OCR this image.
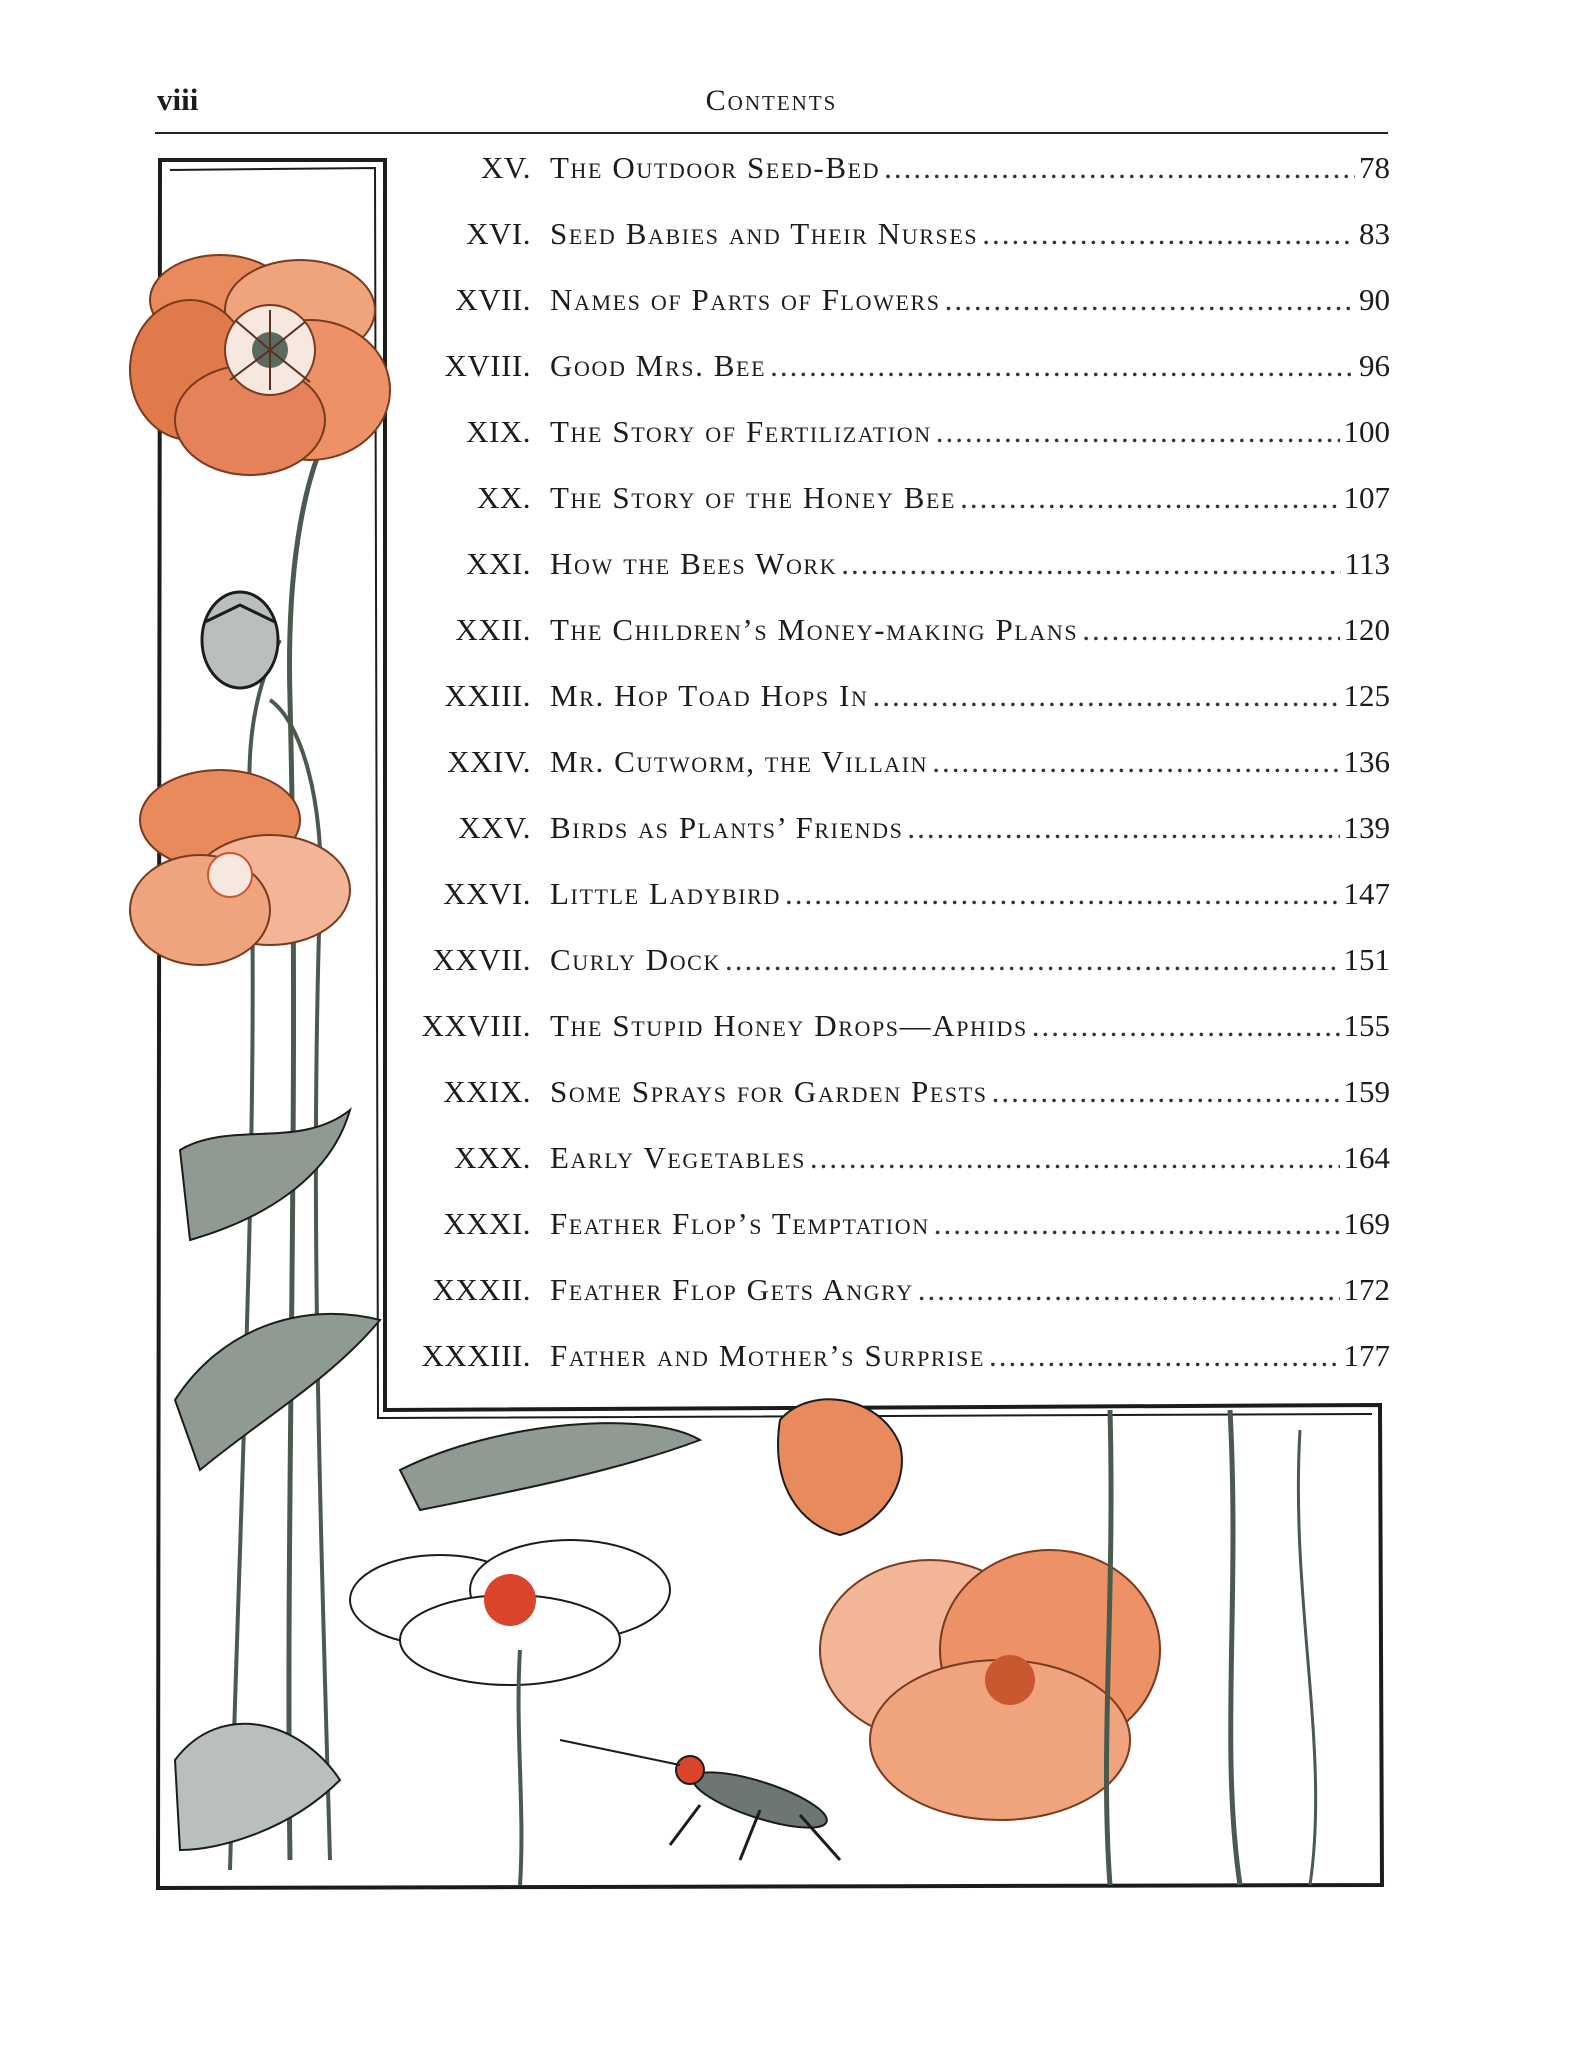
viii	Contents
XV. The Outdoor Seed-Bed .....	78
XVI. Seed Babies and Their Nurses .....	83
XVII. Names of Parts of Flowers .....	90
XVIII. Good Mrs. Bee .....	96
XIX. The Story of Fertilization .....	100
XX. The Story of the Honey Bee .....	107
XXI. How the Bees Work .....	113
XXII. The Children’s Money-making Plans .....	120
XXIII. Mr. Hop Toad Hops In .....	125
XXIV. Mr. Cutworm, the Villain .....	136
XXV. Birds as Plants’ Friends .....	139
XXVI. Little Ladybird .....	147
XXVII. Curly Dock .....	151
XXVIII. The Stupid Honey Drops—Aphids .....	155
XXIX. Some Sprays for Garden Pests .....	159
XXX. Early Vegetables .....	164
XXXI. Feather Flop’s Temptation .....	169
XXXII. Feather Flop Gets Angry .....	172
XXXIII. Father and Mother’s Surprise .....	177
